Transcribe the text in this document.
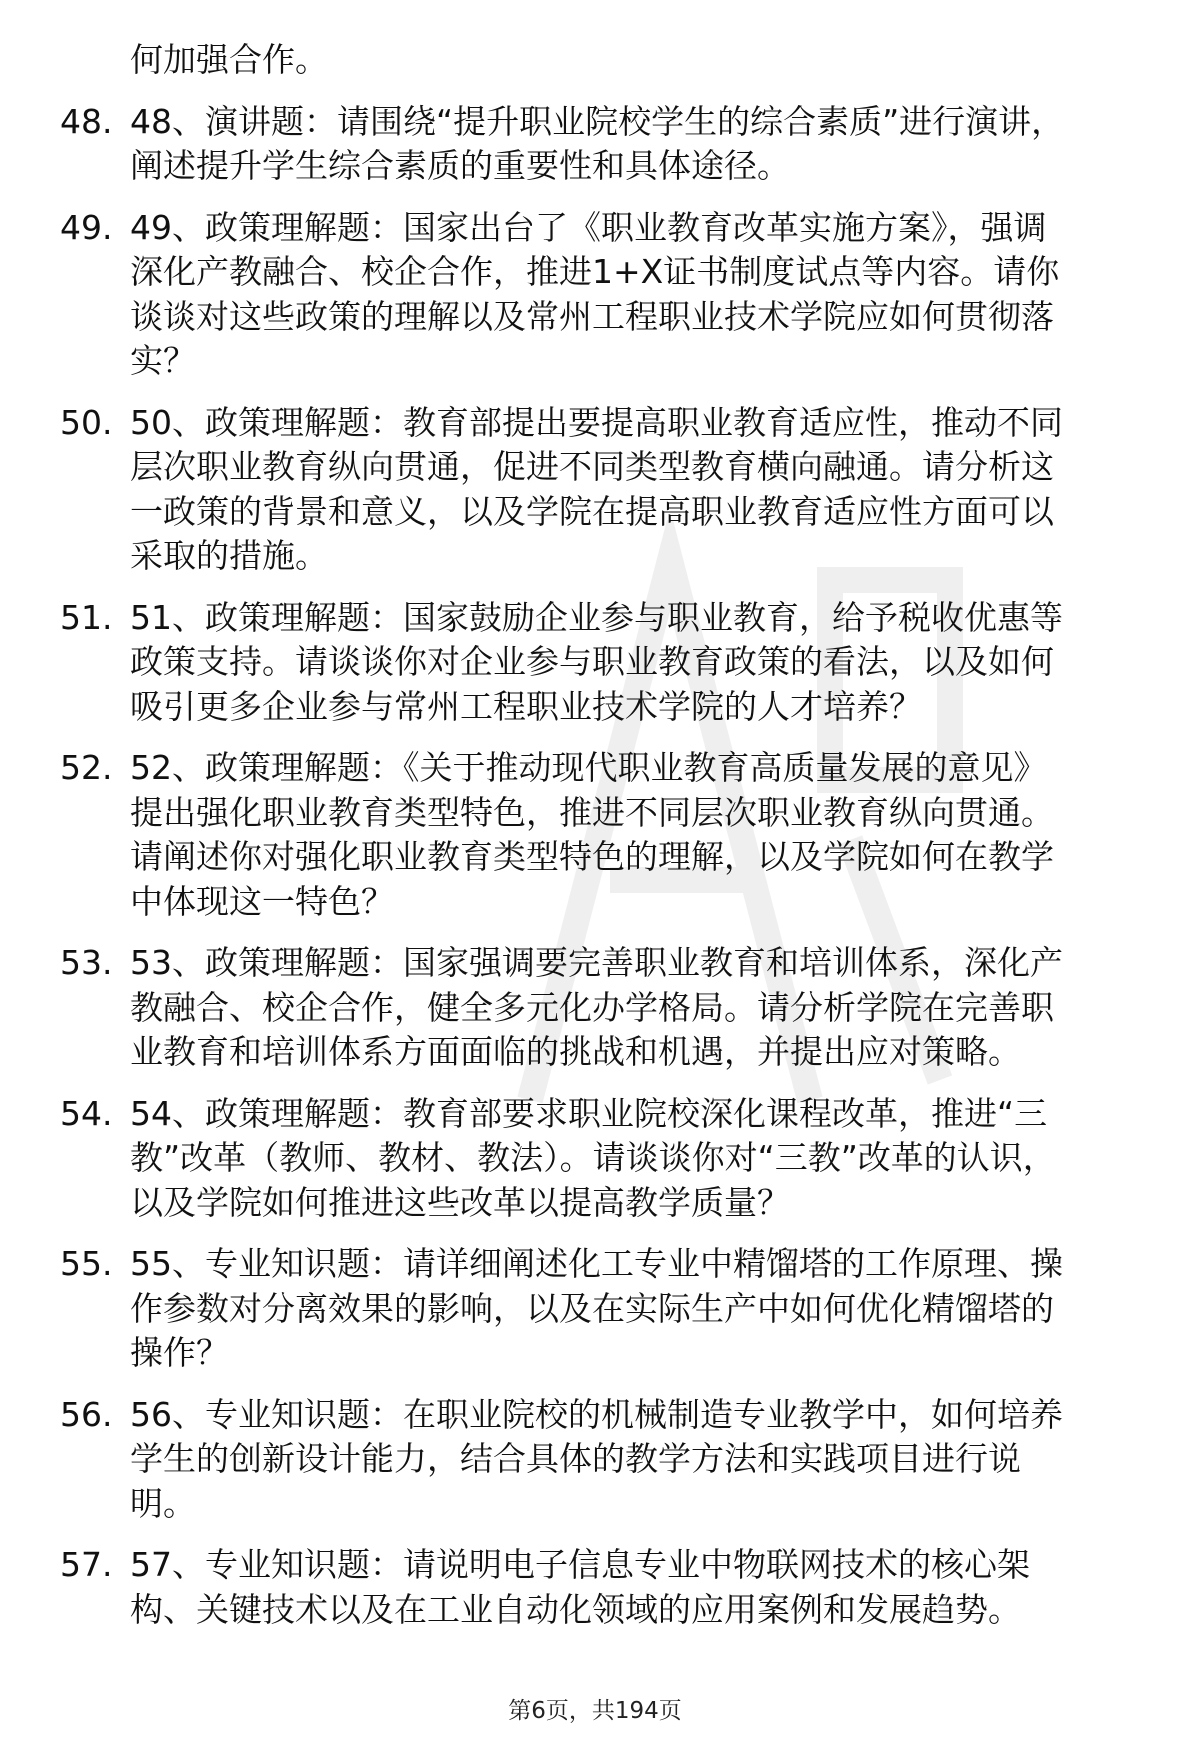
何加强合作。
48. 48、演讲题：请围绕“提升职业院校学生的综合素质”进行演讲，
阐述提升学生综合素质的重要性和具体途径。
49. 49、政策理解题：国家出台了《职业教育改革实施方案》，强调
深化产教融合、校企合作，推进1+X证书制度试点等内容。请你
谈谈对这些政策的理解以及常州工程职业技术学院应如何贯彻落
实？
50. 50、政策理解题：教育部提出要提高职业教育适应性，推动不同
层次职业教育纵向贯通，促进不同类型教育横向融通。请分析这
一政策的背景和意义，以及学院在提高职业教育适应性方面可以
采取的措施。
51. 51、政策理解题：国家鼓励企业参与职业教育，给予税收优惠等
政策支持。请谈谈你对企业参与职业教育政策的看法，以及如何
吸引更多企业参与常州工程职业技术学院的人才培养？
52. 52、政策理解题：《关于推动现代职业教育高质量发展的意见》
提出强化职业教育类型特色，推进不同层次职业教育纵向贯通。
请阐述你对强化职业教育类型特色的理解，以及学院如何在教学
中体现这一特色？
53. 53、政策理解题：国家强调要完善职业教育和培训体系，深化产
教融合、校企合作，健全多元化办学格局。请分析学院在完善职
业教育和培训体系方面面临的挑战和机遇，并提出应对策略。
54. 54、政策理解题：教育部要求职业院校深化课程改革，推进“三
教”改革（教师、教材、教法）。请谈谈你对“三教”改革的认识，
以及学院如何推进这些改革以提高教学质量？
55. 55、专业知识题：请详细阐述化工专业中精馏塔的工作原理、操
作参数对分离效果的影响，以及在实际生产中如何优化精馏塔的
操作？
56. 56、专业知识题：在职业院校的机械制造专业教学中，如何培养
学生的创新设计能力，结合具体的教学方法和实践项目进行说
明。
57. 57、专业知识题：请说明电子信息专业中物联网技术的核心架
构、关键技术以及在工业自动化领域的应用案例和发展趋势。
第6页，共194页
